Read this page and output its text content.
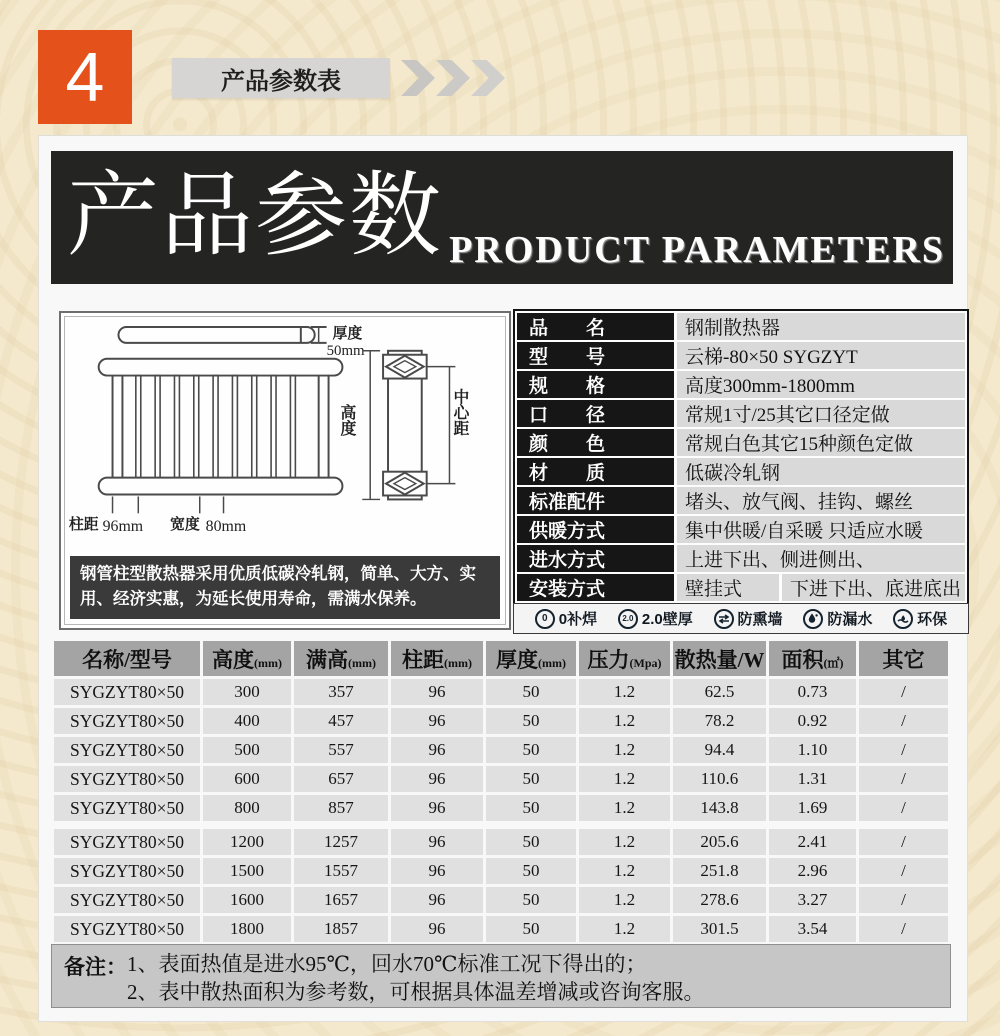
4	产品参数表
产品参数 PRODUCT PARAMETERS
厚度
50mm
柱距 96mm 宽度 80mm
高度	中心距
钢管柱型散热器采用优质低碳冷轧钢，简单、大方、实用、经济实惠，为延长使用寿命，需满水保养。
品　　名	钢制散热器
型　　号	云梯-80×50 SYGZYT
规　　格	高度300mm-1800mm
口　　径	常规1寸/25其它口径定做
颜　　色	常规白色其它15种颜色定做
材　　质	低碳冷轧钢
标准配件	堵头、放气阀、挂钩、螺丝
供暖方式	集中供暖/自采暖 只适应水暖
进水方式	上进下出、侧进侧出、
安装方式	壁挂式	下进下出、底进底出
0 0补焊	2.0 2.0壁厚	防熏墙	防漏水	环保
名称/型号	高度(mm)	满高(mm)	柱距(mm)	厚度(mm)	压力(Mpa)	散热量/W	面积(㎡)	其它
SYGZYT80×50	300	357	96	50	1.2	62.5	0.73	/
SYGZYT80×50	400	457	96	50	1.2	78.2	0.92	/
SYGZYT80×50	500	557	96	50	1.2	94.4	1.10	/
SYGZYT80×50	600	657	96	50	1.2	110.6	1.31	/
SYGZYT80×50	800	857	96	50	1.2	143.8	1.69	/

SYGZYT80×50	1200	1257	96	50	1.2	205.6	2.41	/
SYGZYT80×50	1500	1557	96	50	1.2	251.8	2.96	/
SYGZYT80×50	1600	1657	96	50	1.2	278.6	3.27	/
SYGZYT80×50	1800	1857	96	50	1.2	301.5	3.54	/
备注： 1、表面热值是进水95℃，回水70℃标准工况下得出的；
2、表中散热面积为参考数，可根据具体温差增减或咨询客服。
